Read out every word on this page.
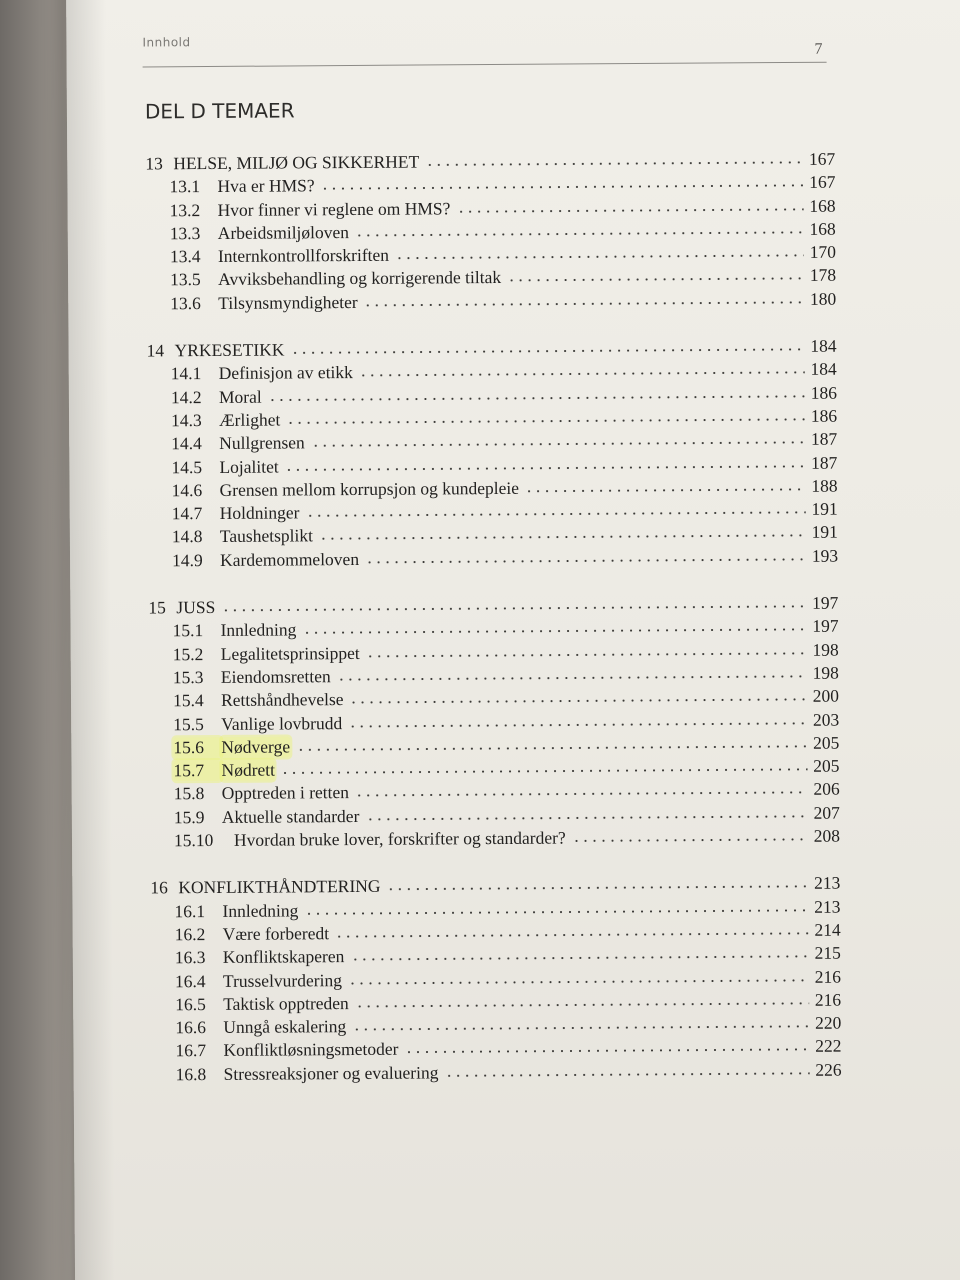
Innhold	7
DEL D TEMAER
13 HELSE, MILJØ OG SIKKERHET	167
13.1 Hva er HMS?	167
13.2 Hvor finner vi reglene om HMS?	168
13.3 Arbeidsmiljøloven	168
13.4 Internkontrollforskriften	170
13.5 Avviksbehandling og korrigerende tiltak	178
13.6 Tilsynsmyndigheter	180
14 YRKESETIKK	184
14.1 Definisjon av etikk	184
14.2 Moral	186
14.3 Ærlighet	186
14.4 Nullgrensen	187
14.5 Lojalitet	187
14.6 Grensen mellom korrupsjon og kundepleie	188
14.7 Holdninger	191
14.8 Taushetsplikt	191
14.9 Kardemommeloven	193
15 JUSS	197
15.1 Innledning	197
15.2 Legalitetsprinsippet	198
15.3 Eiendomsretten	198
15.4 Rettshåndhevelse	200
15.5 Vanlige lovbrudd	203
15.6 Nødverge	205
15.7 Nødrett	205
15.8 Opptreden i retten	206
15.9 Aktuelle standarder	207
15.10	Hvordan bruke lover, forskrifter og standarder?	208
16 KONFLIKTHÅNDTERING	213
16.1 Innledning	213
16.2 Være forberedt	214
16.3 Konfliktskaperen	215
16.4 Trusselvurdering	216
16.5 Taktisk opptreden	216
16.6 Unngå eskalering	220
16.7 Konfliktløsningsmetoder	222
16.8 Stressreaksjoner og evaluering	226
